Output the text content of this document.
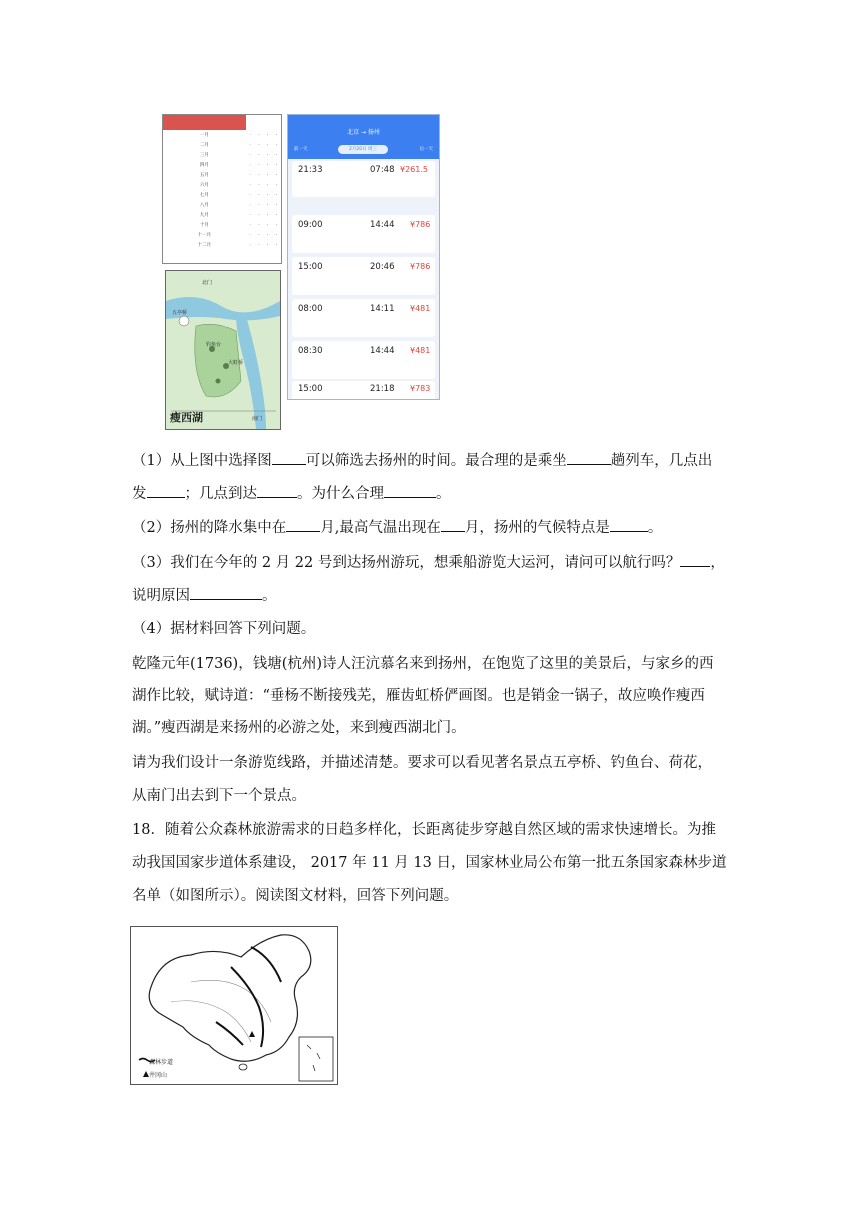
一月	·	·	·	·
二月	·	·	·	·
三月	·	·	·	·
四月	·	·	·	·
五月	·	·	·	·
六月	·	·	·	·
七月	·	·	·	·
八月	·	·	·	·
九月	·	·	·	·
十月	·	·	·	·
十一月	·	·	·	·
十二月	·	·	·	·
北门
五亭桥
钓鱼台
大虹桥
南门
瘦西湖
北京 → 扬州
前一天	2月20日 周三	后一天
21:33	07:48 ¥261.5
09:00	14:44 ¥786
15:00	20:46 ¥786
08:00	14:11 ¥481
08:30	14:44 ¥481
15:00	21:18 ¥783
（1）从上图中选择图 可以筛选去扬州的时间。最合理的是乘坐	趟列车，几点出
发	；几点到达	。为什么合理	。
（2）扬州的降水集中在 月,最高气温出现在 月，扬州的气候特点是	。
（3）我们在今年的 2 月 22 号到达扬州游玩，想乘船游览大运河，请问可以航行吗？ ，
说明原因	。
（4）据材料回答下列问题。
乾隆元年(1736)，钱塘(杭州)诗人汪沆慕名来到扬州，在饱览了这里的美景后，与家乡的西
湖作比较，赋诗道：“垂杨不断接残芜，雁齿虹桥俨画图。也是销金一锅子，故应唤作瘦西
湖。”瘦西湖是来扬州的必游之处，来到瘦西湖北门。
请为我们设计一条游览线路，并描述清楚。要求可以看见著名景点五亭桥、钓鱼台、荷花，
从南门出去到下一个景点。
18．随着公众森林旅游需求的日趋多样化，长距离徒步穿越自然区域的需求快速增长。为推
动我国国家步道体系建设， 2017 年 11 月 13 日，国家林业局公布第一批五条国家森林步道
名单（如图所示）。阅读图文材料，回答下列问题。
森林步道
井冈山
